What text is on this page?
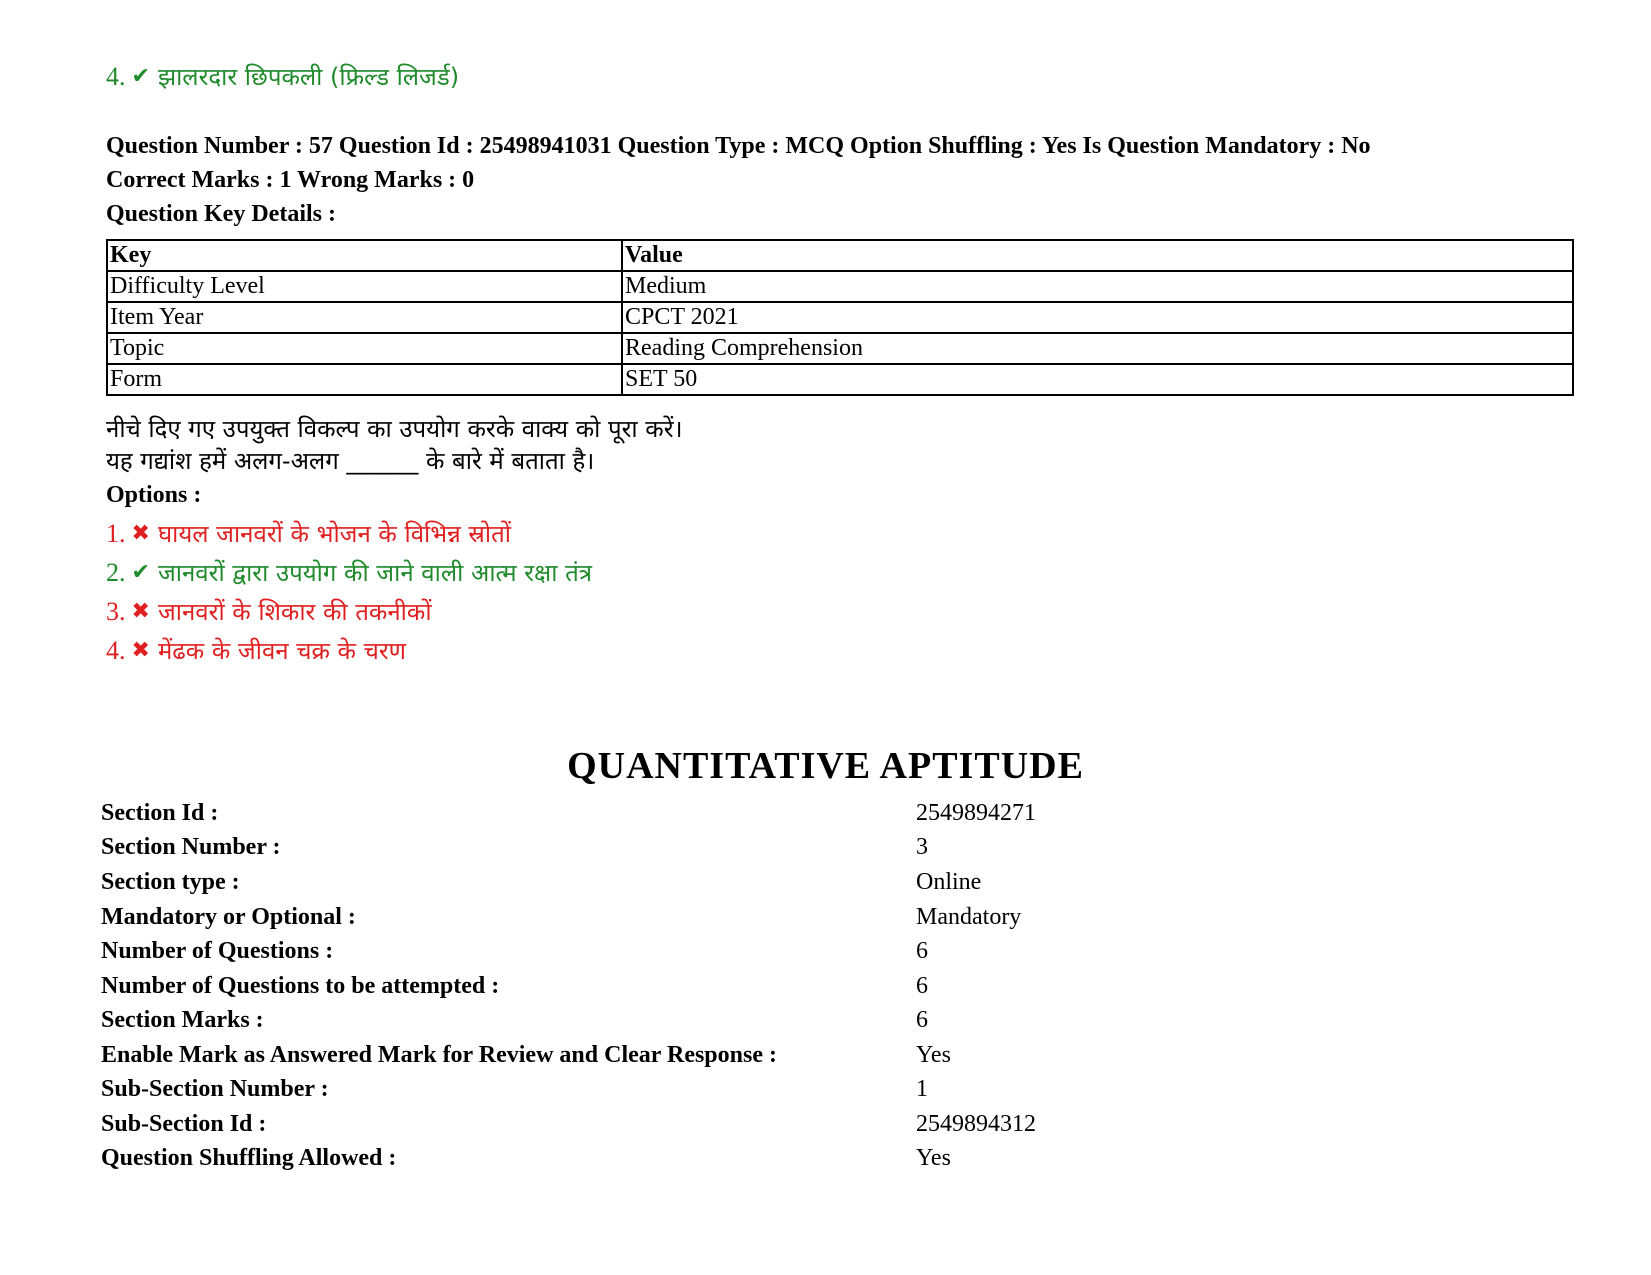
4. ✔ झालरदार छिपकली (फ्रिल्ड लिजर्ड)
Question Number : 57 Question Id : 25498941031 Question Type : MCQ Option Shuffling : Yes Is Question Mandatory : No
Correct Marks : 1 Wrong Marks : 0
Question Key Details :
Key	Value
Difficulty Level	Medium
Item Year	CPCT 2021
Topic	Reading Comprehension
Form	SET 50
नीचे दिए गए उपयुक्त विकल्प का उपयोग करके वाक्य को पूरा करें।
यह गद्यांश हमें अलग-अलग ______ के बारे में बताता है।
Options :
1. ✖ घायल जानवरों के भोजन के विभिन्न स्रोतों
2. ✔ जानवरों द्वारा उपयोग की जाने वाली आत्म रक्षा तंत्र
3. ✖ जानवरों के शिकार की तकनीकों
4. ✖ मेंढक के जीवन चक्र के चरण
QUANTITATIVE APTITUDE
Section Id :	2549894271
Section Number :	3
Section type :	Online
Mandatory or Optional :	Mandatory
Number of Questions :	6
Number of Questions to be attempted :	6
Section Marks :	6
Enable Mark as Answered Mark for Review and Clear Response :	Yes
Sub-Section Number :	1
Sub-Section Id :	2549894312
Question Shuffling Allowed :	Yes
